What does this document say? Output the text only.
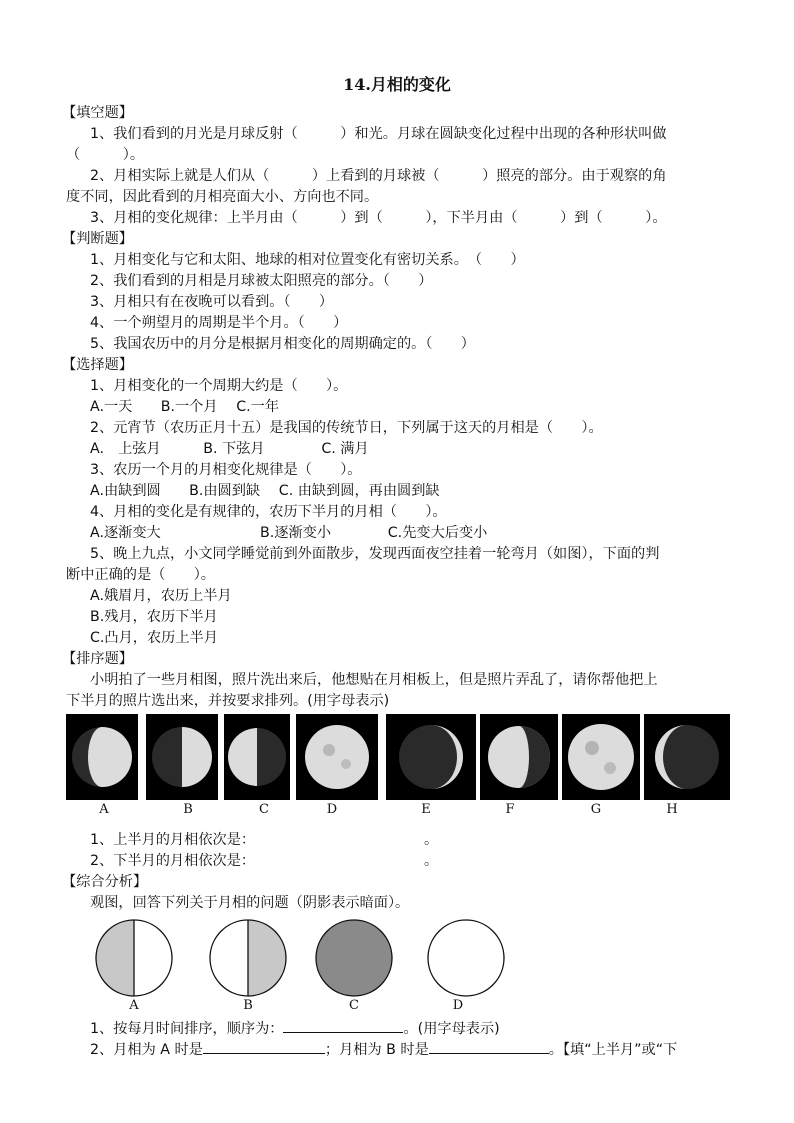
14.月相的变化
【填空题】
1、我们看到的月光是月球反射（　　　）和光。月球在圆缺变化过程中出现的各种形状叫做
（　　　）。
2、月相实际上就是人们从（　　　）上看到的月球被（　　　）照亮的部分。由于观察的角
度不同，因此看到的月相亮面大小、方向也不同。
3、月相的变化规律：上半月由（　　　）到（　　　），下半月由（　　　）到（　　　）。
【判断题】
1、月相变化与它和太阳、地球的相对位置变化有密切关系。　（　　）
2、我们看到的月相是月球被太阳照亮的部分。（　　）
3、月相只有在夜晚可以看到。（　　）
4、一个朔望月的周期是半个月。（　　）
5、我国农历中的月分是根据月相变化的周期确定的。（　　）
【选择题】
1、月相变化的一个周期大约是（　　）。
A.一天　　B.一个月　 C.一年
2、元宵节（农历正月十五）是我国的传统节日，下列属于这天的月相是（　　）。
A.　上弦月　　　B. 下弦月　　　　C. 满月
3、农历一个月的月相变化规律是（　　）。
A.由缺到圆　　B.由圆到缺　 C. 由缺到圆，再由圆到缺
4、月相的变化是有规律的，农历下半月的月相（　　）。
A.逐渐变大　　　　　　　B.逐渐变小　　　　C.先变大后变小
5、晚上九点，小文同学睡觉前到外面散步，发现西面夜空挂着一轮弯月（如图），下面的判
断中正确的是（　　）。
A.娥眉月，农历上半月
B.残月，农历下半月
C.凸月，农历上半月
【排序题】
小明拍了一些月相图，照片洗出来后，他想贴在月相板上，但是照片弄乱了，请你帮他把上
下半月的照片选出来，并按要求排列。(用字母表示)
A	B	C	D	E	F	G	H
1、上半月的月相依次是：	。
2、下半月的月相依次是：	。
【综合分析】
观图，回答下列关于月相的问题（阴影表示暗面）。
A	B	C	D
1、按每月时间排序，顺序为：	。(用字母表示)
2、月相为 A 时是	；月相为 B 时是	。【填“上半月”或“下
